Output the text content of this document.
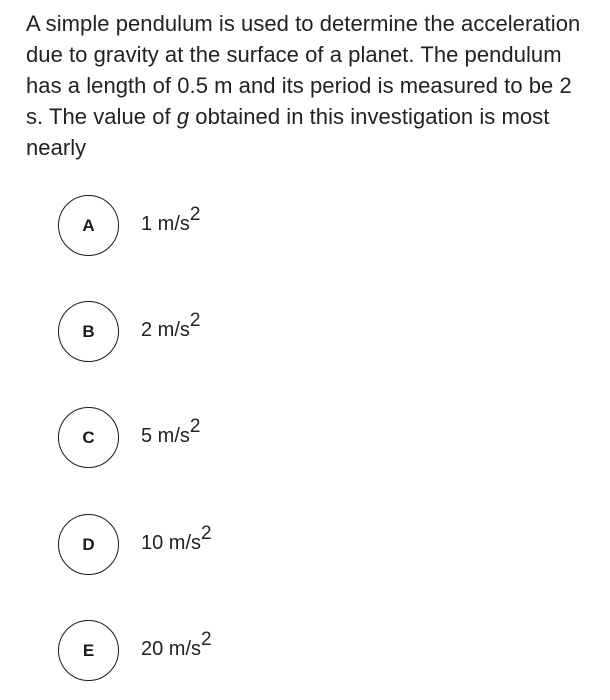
A simple pendulum is used to determine the acceleration due to gravity at the surface of a planet. The pendulum has a length of 0.5 m and its period is measured to be 2 s. The value of g obtained in this investigation is most nearly
A	1 $m/s^2$
B	2 $m/s^2$
C	5 $m/s^2$
D	10 $m/s^2$
E	20 $m/s^2$
